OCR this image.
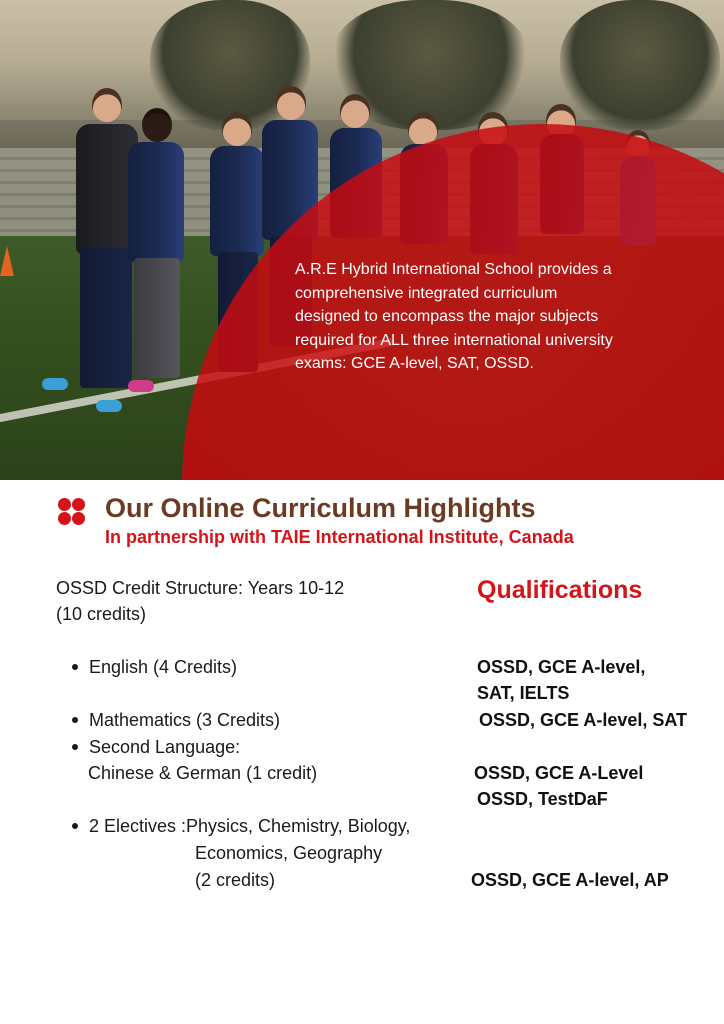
A.R.E Hybrid International School provides a
comprehensive integrated curriculum
designed to encompass the major subjects
required for ALL three international university
exams: GCE A-level, SAT, OSSD.
Our Online Curriculum Highlights
In partnership with TAIE International Institute, Canada
OSSD Credit Structure: Years 10-12
(10 credits)
English (4 Credits)
Mathematics (3 Credits)
Second Language:
Chinese & German (1 credit)
2 Electives :Physics, Chemistry, Biology,
Economics, Geography
(2 credits)
Qualifications
OSSD, GCE A-level,
SAT, IELTS
OSSD, GCE A-level, SAT
OSSD, GCE A-Level
OSSD, TestDaF
OSSD, GCE A-level, AP
